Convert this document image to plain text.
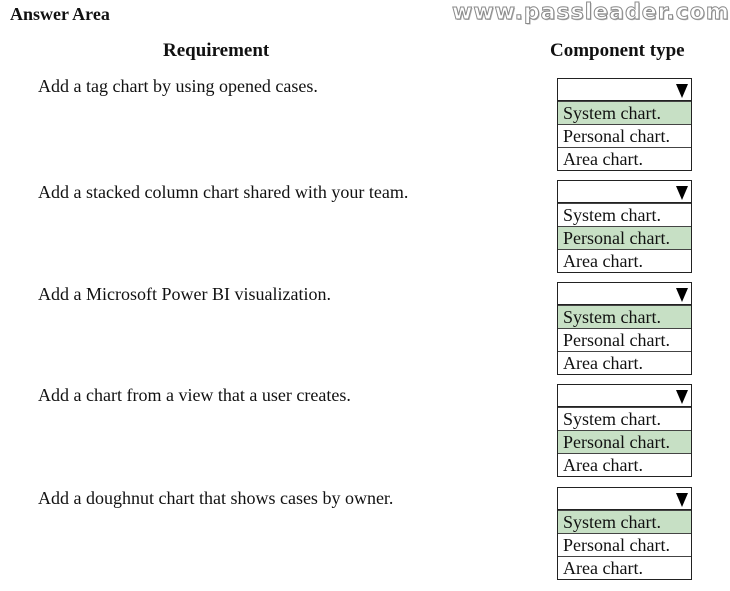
Answer Area	www.passleader.com
Requirement	Component type
Add a tag chart by using opened cases.
System chart.
Personal chart.
Area chart.
Add a stacked column chart shared with your team.
System chart.
Personal chart.
Area chart.
Add a Microsoft Power BI visualization.
System chart.
Personal chart.
Area chart.
Add a chart from a view that a user creates.
System chart.
Personal chart.
Area chart.
Add a doughnut chart that shows cases by owner.
System chart.
Personal chart.
Area chart.
